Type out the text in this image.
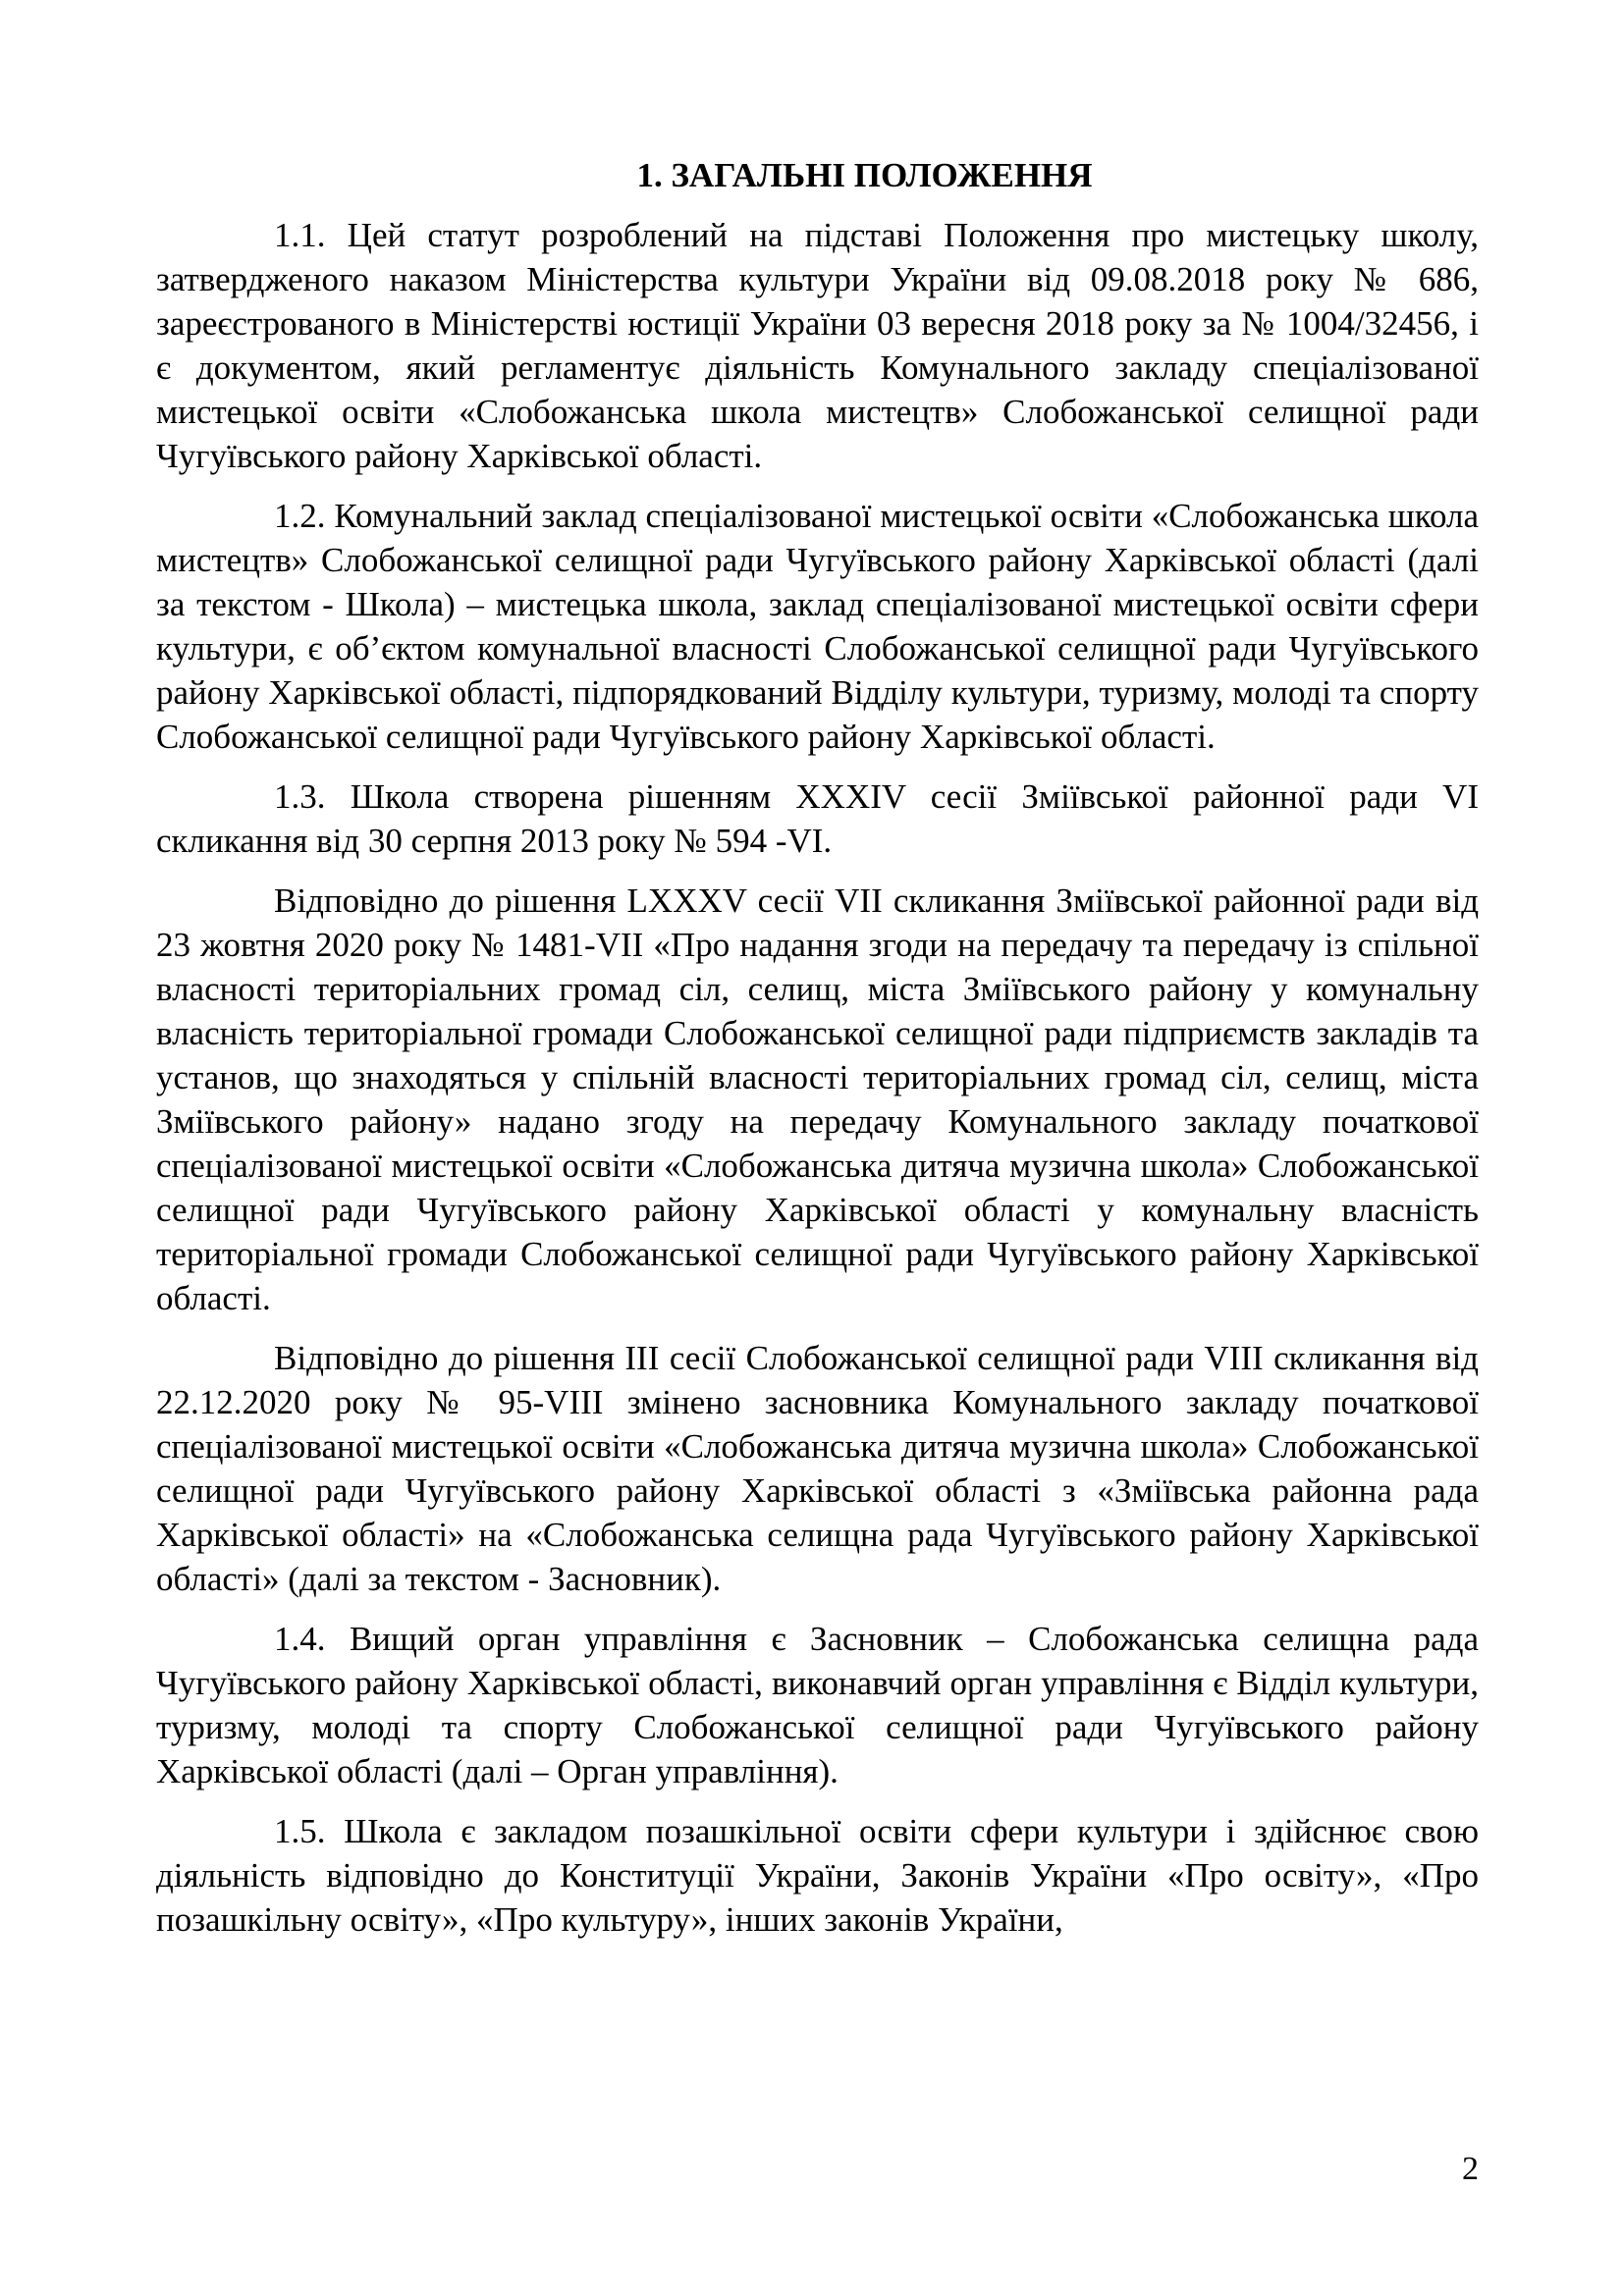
1. ЗАГАЛЬНІ ПОЛОЖЕННЯ

1.1. Цей статут розроблений на підставі Положення про мистецьку школу, затвердженого наказом Міністерства культури України від 09.08.2018 року № 686, зареєстрованого в Міністерстві юстиції України 03 вересня 2018 року за № 1004/32456, і є документом, який регламентує діяльність Комунального закладу спеціалізованої мистецької освіти «Слобожанська школа мистецтв» Слобожанської селищної ради Чугуївського району Харківської області.

1.2. Комунальний заклад спеціалізованої мистецької освіти «Слобожанська школа мистецтв» Слобожанської селищної ради Чугуївського району Харківської області (далі за текстом - Школа) – мистецька школа, заклад спеціалізованої мистецької освіти сфери культури, є об’єктом комунальної власності Слобожанської селищної ради Чугуївського району Харківської області, підпорядкований Відділу культури, туризму, молоді та спорту Слобожанської селищної ради Чугуївського району Харківської області.

1.3. Школа створена рішенням XXXIV сесії Зміївської районної ради VI скликання від 30 серпня 2013 року № 594 -VI.

Відповідно до рішення LXXXV сесії VII скликання Зміївської районної ради від 23 жовтня 2020 року № 1481-VII «Про надання згоди на передачу та передачу із спільної власності територіальних громад сіл, селищ, міста Зміївського району у комунальну власність територіальної громади Слобожанської селищної ради підприємств закладів та установ, що знаходяться у спільній власності територіальних громад сіл, селищ, міста Зміївського району» надано згоду на передачу Комунального закладу початкової спеціалізованої мистецької освіти «Слобожанська дитяча музична школа» Слобожанської селищної ради Чугуївського району Харківської області у комунальну власність територіальної громади Слобожанської селищної ради Чугуївського району Харківської області.

Відповідно до рішення III сесії Слобожанської селищної ради VIII скликання від 22.12.2020 року № 95-VIII змінено засновника Комунального закладу початкової спеціалізованої мистецької освіти «Слобожанська дитяча музична школа» Слобожанської селищної ради Чугуївського району Харківської області з «Зміївська районна рада Харківської області» на «Слобожанська селищна рада Чугуївського району Харківської області» (далі за текстом - Засновник).

1.4. Вищий орган управління є Засновник – Слобожанська селищна рада Чугуївського району Харківської області, виконавчий орган управління є Відділ культури, туризму, молоді та спорту Слобожанської селищної ради Чугуївського району Харківської області (далі – Орган управління).

1.5. Школа є закладом позашкільної освіти сфери культури і здійснює свою діяльність відповідно до Конституції України, Законів України «Про освіту», «Про позашкільну освіту», «Про культуру», інших законів України,

2
